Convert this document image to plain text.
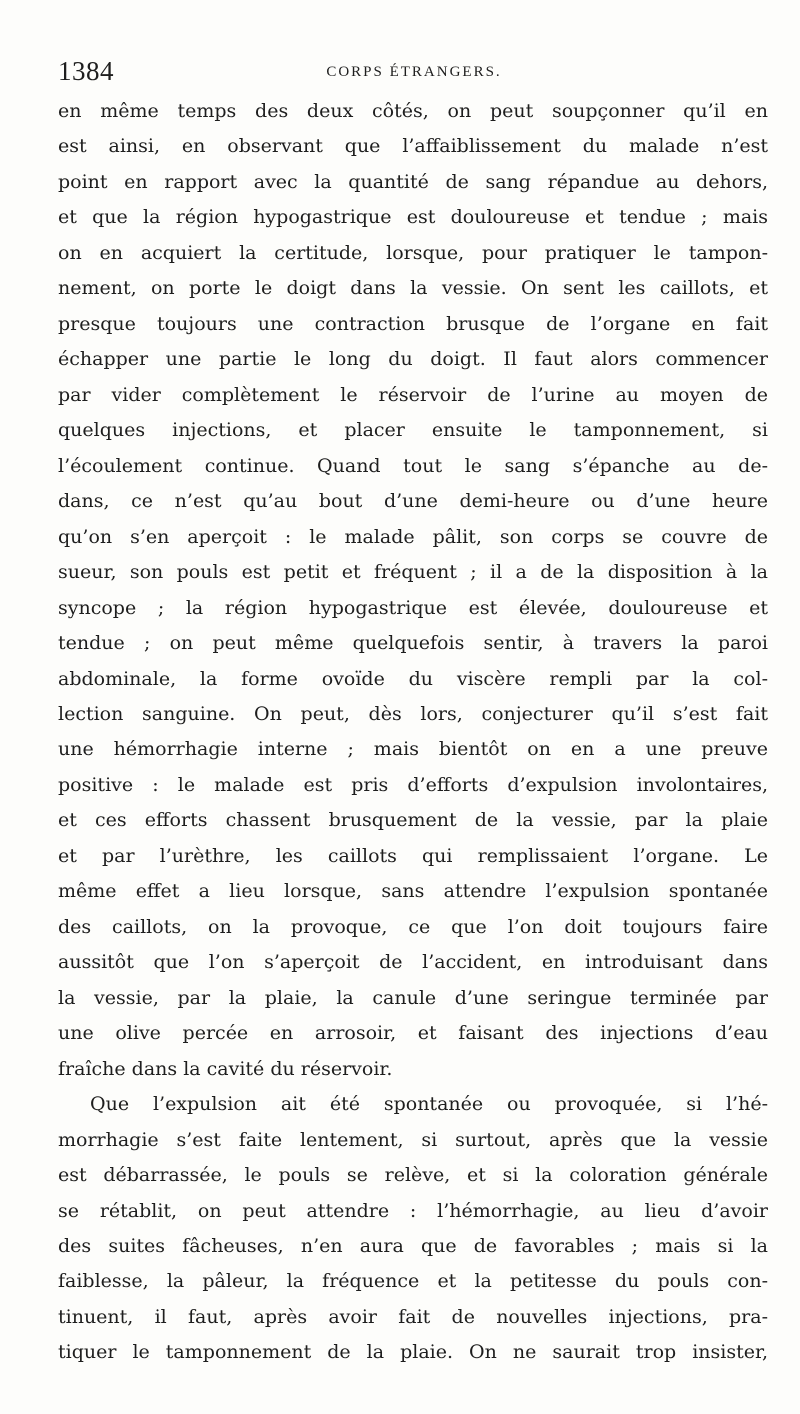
1384	CORPS ÉTRANGERS.
en même temps des deux côtés, on peut soupçonner qu’il en
est ainsi, en observant que l’affaiblissement du malade n’est
point en rapport avec la quantité de sang répandue au dehors,
et que la région hypogastrique est douloureuse et tendue ; mais
on en acquiert la certitude, lorsque, pour pratiquer le tampon-
nement, on porte le doigt dans la vessie. On sent les caillots, et
presque toujours une contraction brusque de l’organe en fait
échapper une partie le long du doigt. Il faut alors commencer
par vider complètement le réservoir de l’urine au moyen de
quelques injections, et placer ensuite le tamponnement, si
l’écoulement continue. Quand tout le sang s’épanche au de-
dans, ce n’est qu’au bout d’une demi-heure ou d’une heure
qu’on s’en aperçoit : le malade pâlit, son corps se couvre de
sueur, son pouls est petit et fréquent ; il a de la disposition à la
syncope ; la région hypogastrique est élevée, douloureuse et
tendue ; on peut même quelquefois sentir, à travers la paroi
abdominale, la forme ovoïde du viscère rempli par la col-
lection sanguine. On peut, dès lors, conjecturer qu’il s’est fait
une hémorrhagie interne ; mais bientôt on en a une preuve
positive : le malade est pris d’efforts d’expulsion involontaires,
et ces efforts chassent brusquement de la vessie, par la plaie
et par l’urèthre, les caillots qui remplissaient l’organe. Le
même effet a lieu lorsque, sans attendre l’expulsion spontanée
des caillots, on la provoque, ce que l’on doit toujours faire
aussitôt que l’on s’aperçoit de l’accident, en introduisant dans
la vessie, par la plaie, la canule d’une seringue terminée par
une olive percée en arrosoir, et faisant des injections d’eau
fraîche dans la cavité du réservoir.
Que l’expulsion ait été spontanée ou provoquée, si l’hé-
morrhagie s’est faite lentement, si surtout, après que la vessie
est débarrassée, le pouls se relève, et si la coloration générale
se rétablit, on peut attendre : l’hémorrhagie, au lieu d’avoir
des suites fâcheuses, n’en aura que de favorables ; mais si la
faiblesse, la pâleur, la fréquence et la petitesse du pouls con-
tinuent, il faut, après avoir fait de nouvelles injections, pra-
tiquer le tamponnement de la plaie. On ne saurait trop insister,
